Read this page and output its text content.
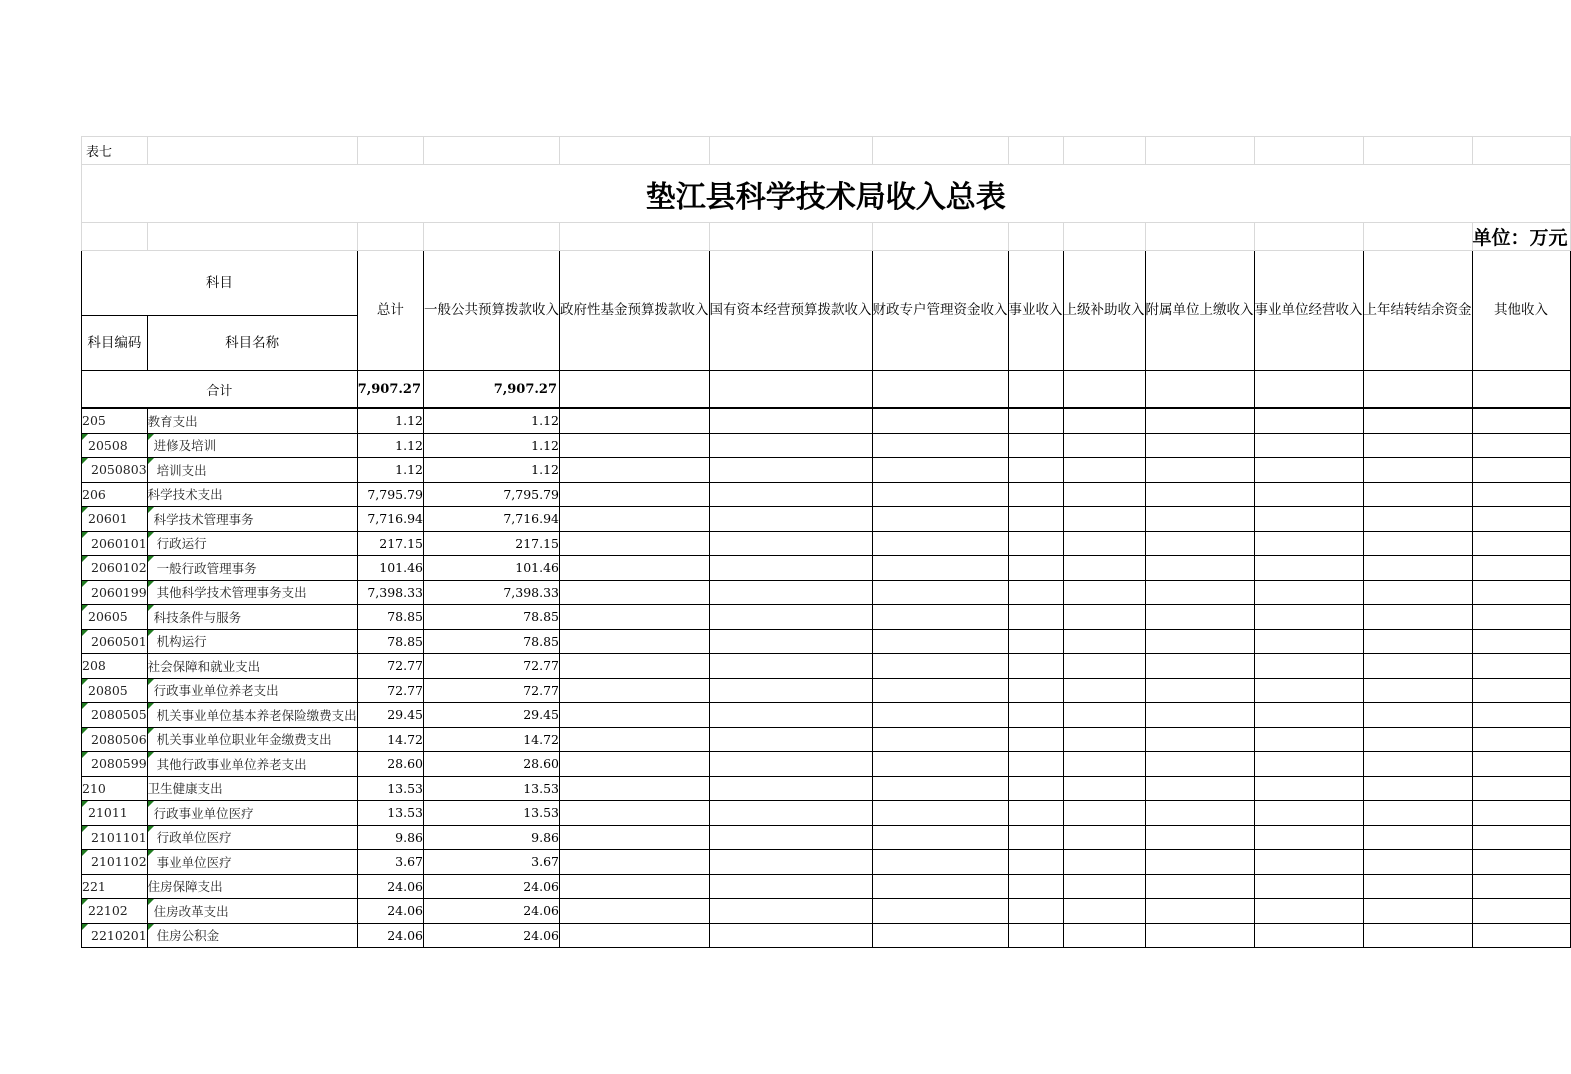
表七												
垫江县科学技术局收入总表												
												单位：万元
科目		总计	一般公共预算拨款收入	政府性基金预算拨款收入	国有资本经营预算拨款收入	财政专户管理资金收入	事业收入	上级补助收入	附属单位上缴收入	事业单位经营收入	上年结转结余资金	其他收入
科目编码	科目名称											
合计		7,907.27	7,907.27									
205	教育支出	1.12	1.12									

20508	进修及培训	1.12	1.12									

2050803	培训支出	1.12	1.12									
206	科学技术支出	7,795.79	7,795.79									

20601	科学技术管理事务	7,716.94	7,716.94									

2060101	行政运行	217.15	217.15									

2060102	一般行政管理事务	101.46	101.46									

2060199	其他科学技术管理事务支出	7,398.33	7,398.33									

20605	科技条件与服务	78.85	78.85									

2060501	机构运行	78.85	78.85									
208	社会保障和就业支出	72.77	72.77									

20805	行政事业单位养老支出	72.77	72.77									

2080505	机关事业单位基本养老保险缴费支出	29.45	29.45									

2080506	机关事业单位职业年金缴费支出	14.72	14.72									

2080599	其他行政事业单位养老支出	28.60	28.60									
210	卫生健康支出	13.53	13.53									

21011	行政事业单位医疗	13.53	13.53									

2101101	行政单位医疗	9.86	9.86									

2101102	事业单位医疗	3.67	3.67									
221	住房保障支出	24.06	24.06									

22102	住房改革支出	24.06	24.06									

2210201	住房公积金	24.06	24.06									
